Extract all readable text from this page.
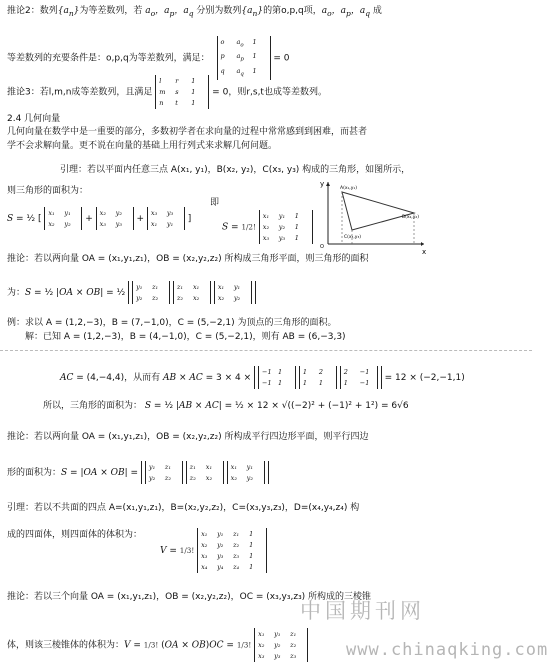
推论2：数列$\{a_n\}$为等差数列，若 $a_o$，$a_p$，$a_q$ 分别为数列$\{a_n\}$的第o,p,q项，$a_o$，$a_p$，$a_q$ 成
等差数列的充要条件是：o,p,q为等差数列，满足：
o	$a_o$	1
p	$a_p$	1
q	$a_q$	1
= 0
推论3：若l,m,n成等差数列，且满足
l	r	1
m	s	1
n	t	1
= 0，则r,s,t也成等差数列。
2.4 几何向量
几何向量在数学中是一重要的部分，多数初学者在求向量的过程中常常感到到困难，而甚者
学不会求解向量。更不说在向量的基础上用行列式来求解几何问题。
引理：若以平面内任意三点 A(x₁, y₁)，B(x₂, y₂)，C(x₃, y₃) 构成的三角形，如图所示，
则三角形的面积为：
S = ½ [
x₁	y₁
x₂	y₂	+
x₂	y₂
x₃	y₃	+
x₃	y₃
x₁	y₁	]
即
S = 1/2!
x₁	y₁	1
x₂	y₂	1
x₃	y₃	1
x
y
O
A(x₁,y₁)
B(x₂,y₂)
C(x₃,y₃)
推论：若以两向量 OA = (x₁,y₁,z₁)，OB = (x₂,y₂,z₂) 所构成三角形平面，则三角形的面积
为：S = ½ |OA × OB| = ½
y₁	z₁
y₂	z₂

z₁	x₁
z₂	x₂

x₁	y₁
x₂	y₂
例：求以 A = (1,2,−3)，B = (7,−1,0)，C = (5,−2,1) 为顶点的三角形的面积。
解：已知 A = (1,2,−3)，B = (4,−1,0)，C = (5,−2,1)，则有 AB = (6,−3,3)
AC = (4,−4,4)，从而有 AB × AC = 3 × 4 ×
−1 1
−1 1

1	2
1	1

2	−1
1	−1	= 12 × (−2,−1,1)
所以，三角形的面积为： S = ½ |AB × AC| = ½ × 12 × √((−2)² + (−1)² + 1²) = 6√6
推论：若以两向量 OA = (x₁,y₁,z₁)，OB = (x₂,y₂,z₂) 所构成平行四边形平面，则平行四边
形的面积为：S = |OA × OB| =
y₁	z₁
y₂	z₂

z₁	x₁
z₂	x₂

x₁	y₁
x₂	y₂
引理：若以不共面的四点 A=(x₁,y₁,z₁)，B=(x₂,y₂,z₂)，C=(x₃,y₃,z₃)，D=(x₄,y₄,z₄) 构
成的四面体，则四面体的体积为：
V = 1/3!
x₁	y₁	z₁	1
x₂	y₂	z₂	1
x₃	y₃	z₃	1
x₄	y₄	z₄	1
推论：若以三个向量 OA = (x₁,y₁,z₁)，OB = (x₂,y₂,z₂)，OC = (x₃,y₃,z₃) 所构成的三棱锥
体，则该三棱锥体的体积为：V = 1/3! (OA × OB)OC = 1/3!
x₁	y₁	z₁
x₂	y₂	z₂
x₃	y₃	z₃
中国期刊网
www.chinaqking.com
